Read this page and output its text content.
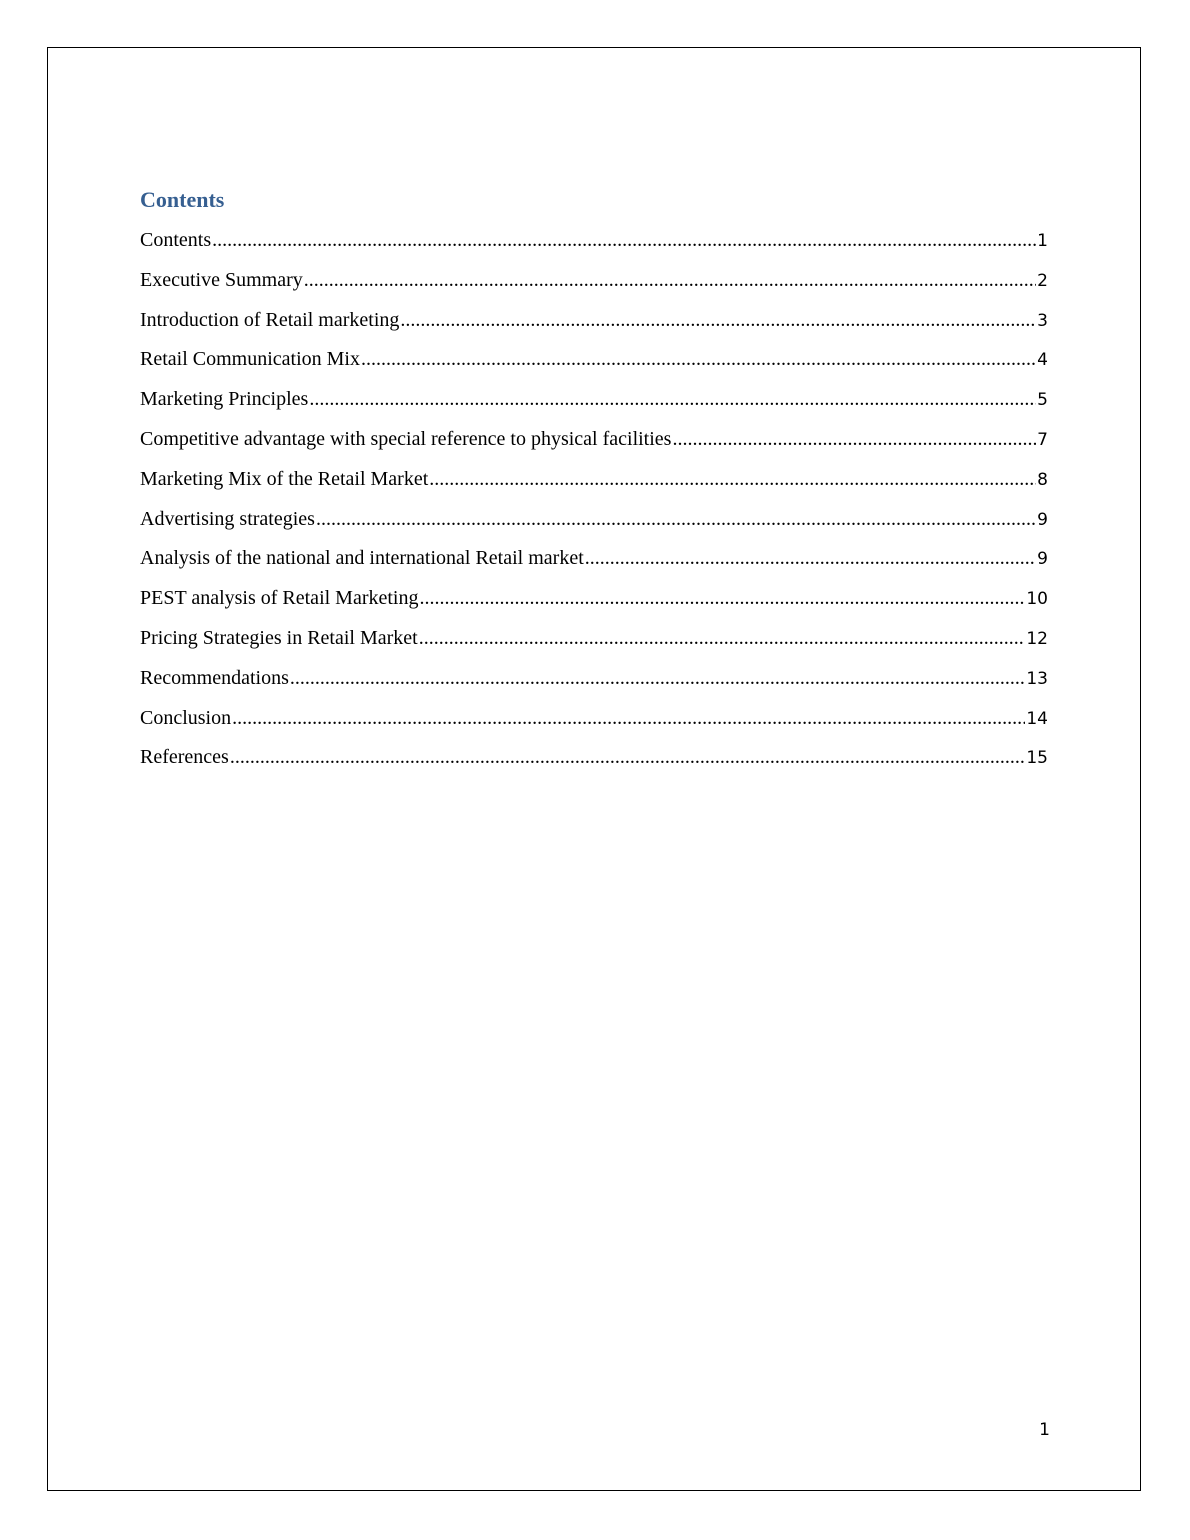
Contents
Contents .....	1
Executive Summary .....	2
Introduction of Retail marketing .....	3
Retail Communication Mix .....	4
Marketing Principles .....	5
Competitive advantage with special reference to physical facilities .....	7
Marketing Mix of the Retail Market .....	8
Advertising strategies .....	9
Analysis of the national and international Retail market .....	9
PEST analysis of Retail Marketing .....	10
Pricing Strategies in Retail Market .....	12
Recommendations .....	13
Conclusion .....	14
References .....	15
1
